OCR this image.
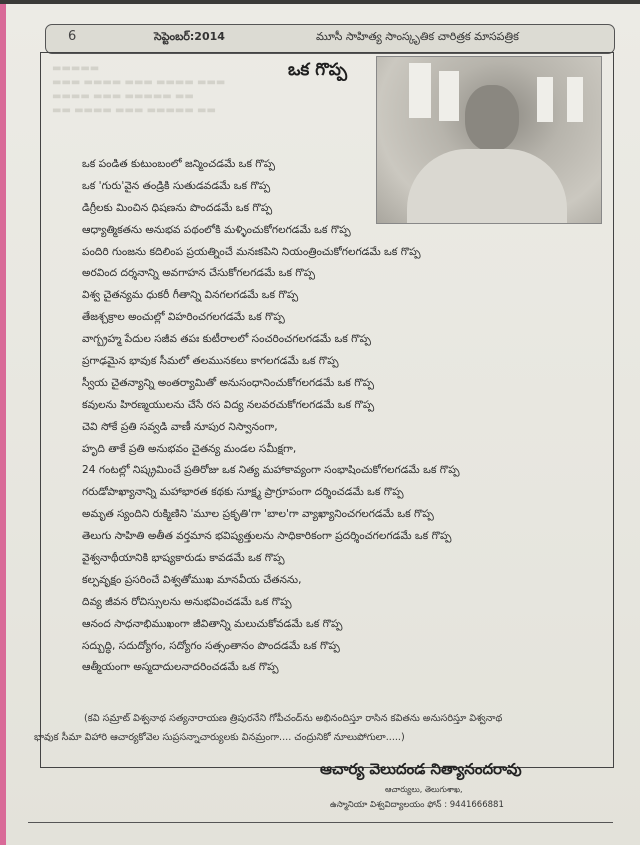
6	సెప్టెంబర్:2014	మూసీ సాహిత్య సాంస్కృతిక చారిత్రక మాసపత్రిక
▬▬▬▬▬
▬▬▬ ▬▬▬▬ ▬▬▬ ▬▬▬▬ ▬▬▬
▬▬▬▬ ▬▬▬ ▬▬▬▬▬ ▬▬
▬▬ ▬▬▬▬ ▬▬▬ ▬▬▬▬▬ ▬▬
ఒక గొప్ప
ఒక పండిత కుటుంబంలో జన్మించడమే ఒక గొప్ప
ఒక 'గురు'వైన తండ్రికి సుతుడవడమే ఒక గొప్ప
డిగ్రీలకు మించిన ధిషణను పొందడమే ఒక గొప్ప
ఆధ్యాత్మికతను అనుభవ పథంలోకి మళ్ళించుకోగలగడమే ఒక గొప్ప
పందిరి గుంజను కదిలింప ప్రయత్నించే మనఃకపిని నియంత్రించుకోగలగడమే ఒక గొప్ప
అరవింద దర్శనాన్ని అవగాహన చేసుకోగలగడమే ఒక గొప్ప
విశ్వ చైతన్యమ ధుకరీ గీతాన్ని వినగలగడమే ఒక గొప్ప
తేజశ్చక్రాల అంచుల్లో విహరించగలగడమే ఒక గొప్ప
వాగ్బ్రహ్మ పేదుల సజీవ తపః కుటీరాలలో సంచరించగలగడమే ఒక గొప్ప
ప్రగాఢమైన భావుక సీమలో తలమునకలు కాగలగడమే ఒక గొప్ప
స్వీయ చైతన్యాన్ని అంతర్యామితో అనుసంధానించుకోగలగడమే ఒక గొప్ప
కవులను హిరణ్మయులను చేసే రస విద్య నలవరచుకోగలగడమే ఒక గొప్ప
చెవి సోకే ప్రతి సవ్వడి వాణీ నూపుర నిస్వానంగా,
హృది తాకే ప్రతి అనుభవం చైతన్య మండల సమీక్షగా,
24 గంటల్లో నిష్క్రమించే ప్రతిరోజు ఒక నిత్య మహాకావ్యంగా సంభాషించుకోగలగడమే ఒక గొప్ప
గరుడోపాఖ్యానాన్ని మహాభారత కథకు సూక్ష్మ ప్రాగ్రూపంగా దర్శించడమే ఒక గొప్ప
అమృత స్యందిని రుక్మిణిని 'మూల ప్రకృతి'గా 'బాల'గా వ్యాఖ్యానించగలగడమే ఒక గొప్ప
తెలుగు సాహితి అతీత వర్తమాన భవిష్యత్తులను సాధికారికంగా ప్రదర్శించగలగడమే ఒక గొప్ప
వైశ్వనాథీయానికి భాష్యకారుడు కావడమే ఒక గొప్ప
కల్పవృక్షం ప్రసరించే విశ్వతోముఖ మానవీయ చేతనను,
దివ్య జీవన రోచిస్సులను అనుభవించడమే ఒక గొప్ప
ఆనంద సాధనాభిముఖంగా జీవితాన్ని మలుచుకోవడమే ఒక గొప్ప
సద్బుద్ధి, సదుద్యోగం, సద్యోగం సత్సంతానం పొందడమే ఒక గొప్ప
ఆత్మీయంగా అస్మదాదులనాదరించడమే ఒక గొప్ప
(కవి సమ్రాట్ విశ్వనాథ సత్యనారాయణ త్రిపురనేని గోపీచంద్‌ను అభినందిస్తూ రాసిన కవితను అనుసరిస్తూ విశ్వనాథ
భావుక సీమా విహారి ఆచార్యకోవెల సుప్రసన్నాచార్యులకు వినమ్రంగా.... చంద్రునికో నూలుపోగులా.....)
ఆచార్య వెలుదండ నిత్యానందరావు
ఆచార్యులు, తెలుగుశాఖ,
ఉస్మానియా విశ్వవిద్యాలయం ఫోన్ : 9441666881
